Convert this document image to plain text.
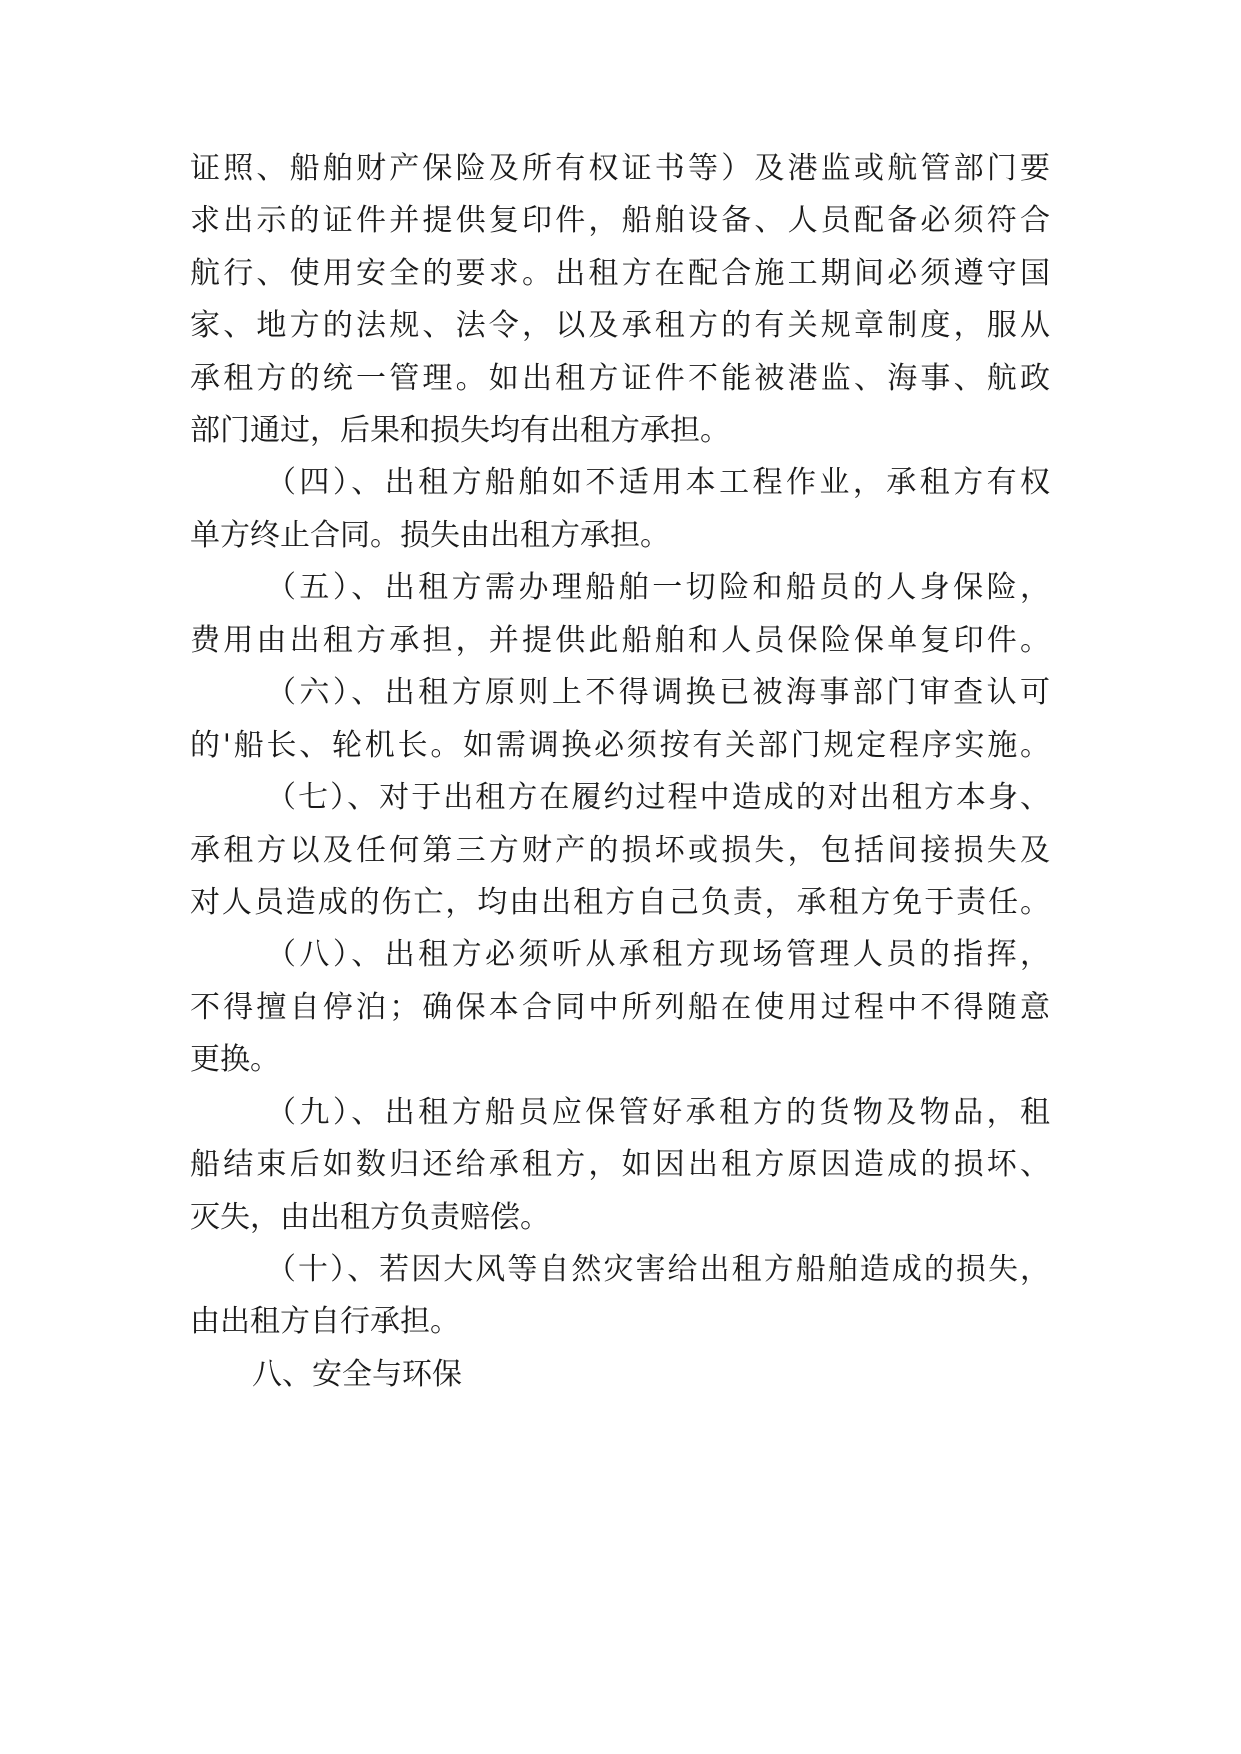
证照、船舶财产保险及所有权证书等）及港监或航管部门要
求出示的证件并提供复印件，船舶设备、人员配备必须符合
航行、使用安全的要求。出租方在配合施工期间必须遵守国
家、地方的法规、法令，以及承租方的有关规章制度，服从
承租方的统一管理。如出租方证件不能被港监、海事、航政
部门通过，后果和损失均有出租方承担。
（四）、出租方船舶如不适用本工程作业，承租方有权
单方终止合同。损失由出租方承担。
（五）、出租方需办理船舶一切险和船员的人身保险，
费用由出租方承担，并提供此船舶和人员保险保单复印件。
（六）、出租方原则上不得调换已被海事部门审查认可
的'船长、轮机长。如需调换必须按有关部门规定程序实施。
（七）、对于出租方在履约过程中造成的对出租方本身、
承租方以及任何第三方财产的损坏或损失，包括间接损失及
对人员造成的伤亡，均由出租方自己负责，承租方免于责任。
（八）、出租方必须听从承租方现场管理人员的指挥，
不得擅自停泊；确保本合同中所列船在使用过程中不得随意
更换。
（九）、出租方船员应保管好承租方的货物及物品，租
船结束后如数归还给承租方，如因出租方原因造成的损坏、
灭失，由出租方负责赔偿。
（十）、若因大风等自然灾害给出租方船舶造成的损失，
由出租方自行承担。
八、安全与环保
